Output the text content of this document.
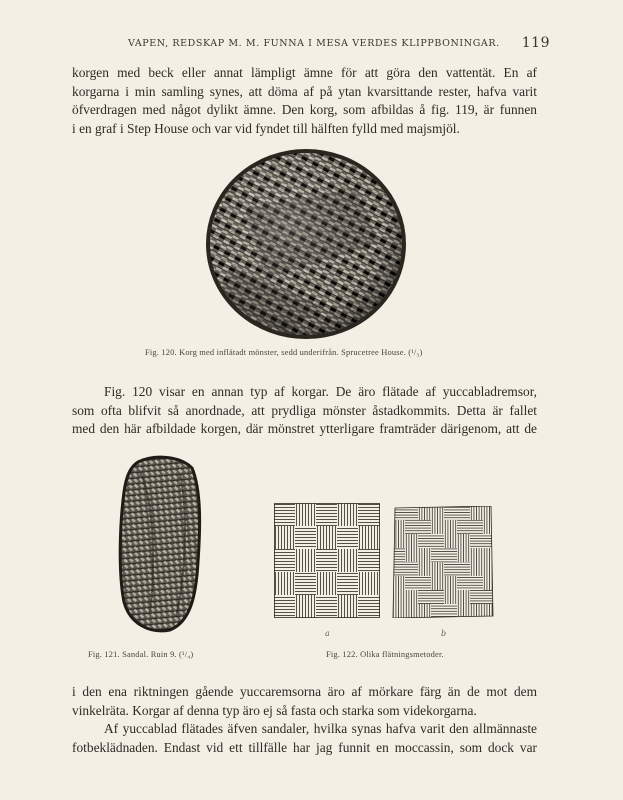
VAPEN, REDSKAP M. M. FUNNA I MESA VERDES KLIPPBONINGAR. 119
korgen med beck eller annat lämpligt ämne för att göra den vattentät. En af
korgarna i min samling synes, att döma af på ytan kvarsittande rester, hafva varit
öfverdragen med något dylikt ämne. Den korg, som afbildas å fig. 119, är funnen
i en graf i Step House och var vid fyndet till hälften fylld med majsmjöl.
Fig. 120. Korg med inflätadt mönster, sedd underifrån. Sprucetree House. (¹/₃)
Fig. 120 visar en annan typ af korgar. De äro flätade af yuccabladremsor,
som ofta blifvit så anordnade, att prydliga mönster åstadkommits. Detta är fallet
med den här afbildade korgen, där mönstret ytterligare framträder därigenom, att de
Fig. 121. Sandal. Ruin 9. (¹/₄)
a	b
Fig. 122. Olika flätningsmetoder.
i den ena riktningen gående yuccaremsorna äro af mörkare färg än de mot dem
vinkelräta. Korgar af denna typ äro ej så fasta och starka som videkorgarna.
Af yuccablad flätades äfven sandaler, hvilka synas hafva varit den allmännaste
fotbeklädnaden. Endast vid ett tillfälle har jag funnit en moccassin, som dock var
